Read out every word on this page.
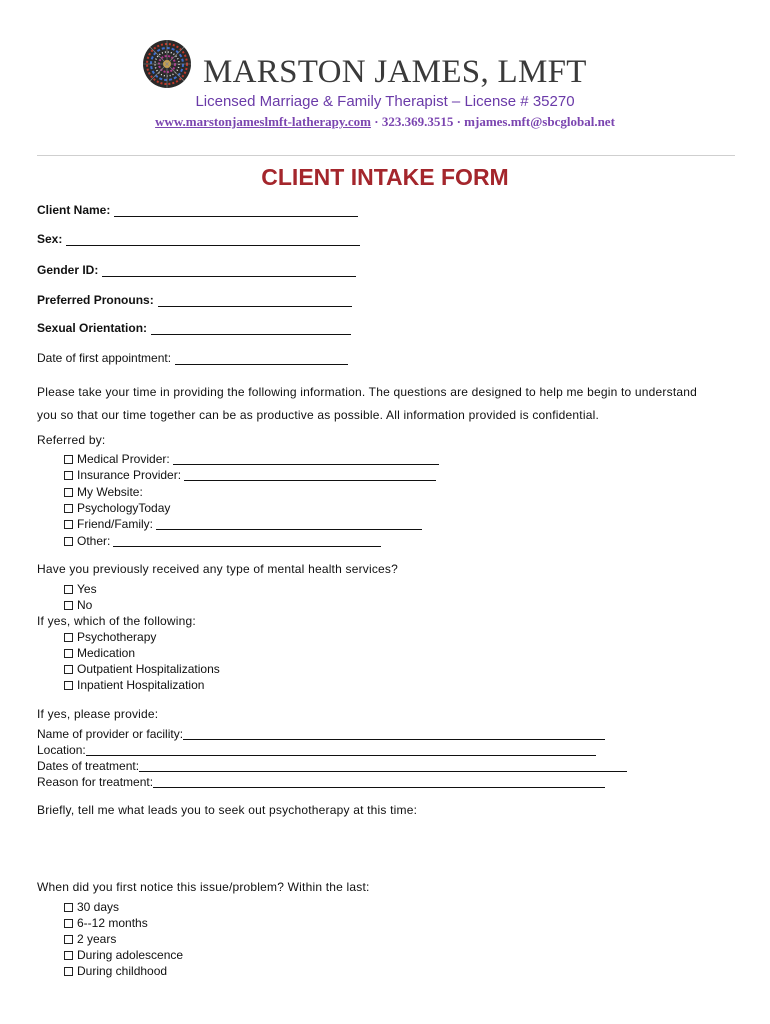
MARSTON JAMES, LMFT
Licensed Marriage & Family Therapist – License # 35270
www.marstonjameslmft-latherapy.com · 323.369.3515 · mjames.mft@sbcglobal.net
CLIENT INTAKE FORM
Client Name:
Sex:
Gender ID:
Preferred Pronouns:
Sexual Orientation:
Date of first appointment:
Please take your time in providing the following information. The questions are designed to help me begin to understand
you so that our time together can be as productive as possible. All information provided is confidential.
Referred by:
Medical Provider:
Insurance Provider:
My Website:
PsychologyToday
Friend/Family:
Other:
Have you previously received any type of mental health services?
Yes
No
If yes, which of the following:
Psychotherapy
Medication
Outpatient Hospitalizations
Inpatient Hospitalization
If yes, please provide:
Name of provider or facility:
Location:
Dates of treatment:
Reason for treatment:
Briefly, tell me what leads you to seek out psychotherapy at this time:
When did you first notice this issue/problem? Within the last:
30 days
6--12 months
2 years
During adolescence
During childhood
